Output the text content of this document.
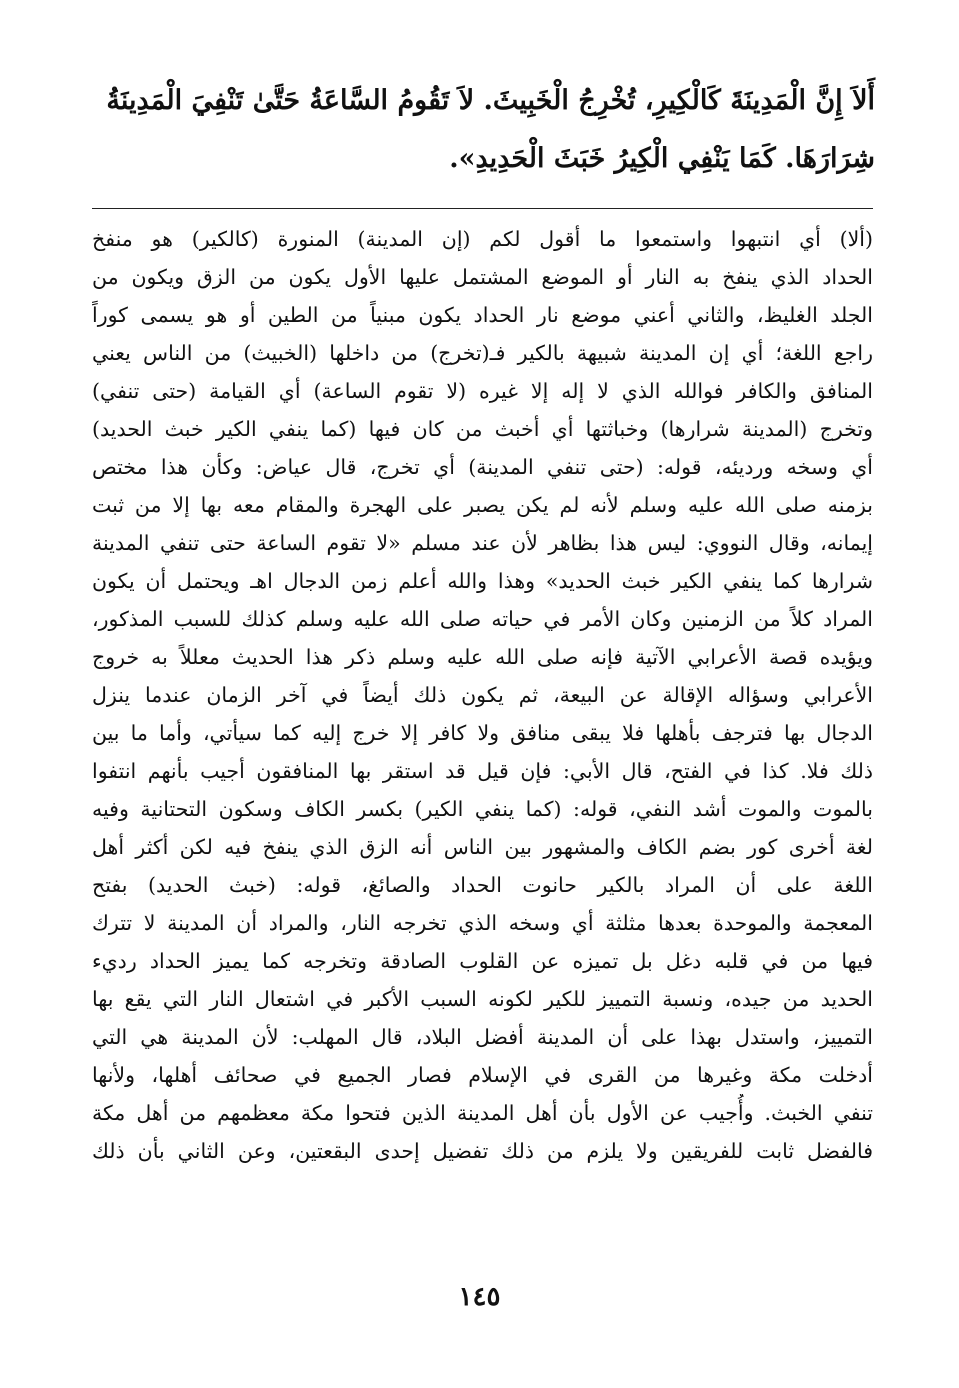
أَلاَ إِنَّ الْمَدِينَةَ كَالْكِيرِ، تُخْرِجُ الْخَبِيثَ. لاَ تَقُومُ السَّاعَةُ حَتَّىٰ تَنْفِيَ الْمَدِينَةُ
شِرَارَهَا. كَمَا يَنْفِي الْكِيرُ خَبَثَ الْحَدِيدِ».
(ألا) أي انتبهوا واستمعوا ما أقول لكم (إن المدينة) المنورة (كالكير) هو منفخ
الحداد الذي ينفخ به النار أو الموضع المشتمل عليها الأول يكون من الزق ويكون من
الجلد الغليظ، والثاني أعني موضع نار الحداد يكون مبنياً من الطين أو هو يسمى كوراً
راجع اللغة؛ أي إن المدينة شبيهة بالكير فـ(تخرج) من داخلها (الخبيث) من الناس يعني
المنافق والكافر فوالله الذي لا إله إلا غيره (لا تقوم الساعة) أي القيامة (حتى تنفي)
وتخرج (المدينة شرارها) وخباثتها أي أخبث من كان فيها (كما ينفي الكير خبث الحديد)
أي وسخه ورديئه، قوله: (حتى تنفي المدينة) أي تخرج، قال عياض: وكأن هذا مختص
بزمنه صلى الله عليه وسلم لأنه لم يكن يصبر على الهجرة والمقام معه بها إلا من ثبت
إيمانه، وقال النووي: ليس هذا بظاهر لأن عند مسلم «لا تقوم الساعة حتى تنفي المدينة
شرارها كما ينفي الكير خبث الحديد» وهذا والله أعلم زمن الدجال اهـ ويحتمل أن يكون
المراد كلاً من الزمنين وكان الأمر في حياته صلى الله عليه وسلم كذلك للسبب المذكور،
ويؤيده قصة الأعرابي الآتية فإنه صلى الله عليه وسلم ذكر هذا الحديث معللاً به خروج
الأعرابي وسؤاله الإقالة عن البيعة، ثم يكون ذلك أيضاً في آخر الزمان عندما ينزل
الدجال بها فترجف بأهلها فلا يبقى منافق ولا كافر إلا خرج إليه كما سيأتي، وأما ما بين
ذلك فلا. كذا في الفتح، قال الأبي: فإن قيل قد استقر بها المنافقون أجيب بأنهم انتفوا
بالموت والموت أشد النفي، قوله: (كما ينفي الكير) بكسر الكاف وسكون التحتانية وفيه
لغة أخرى كور بضم الكاف والمشهور بين الناس أنه الزق الذي ينفخ فيه لكن أكثر أهل
اللغة على أن المراد بالكير حانوت الحداد والصائغ، قوله: (خبث الحديد) بفتح
المعجمة والموحدة بعدها مثلثة أي وسخه الذي تخرجه النار، والمراد أن المدينة لا تترك
فيها من في قلبه دغل بل تميزه عن القلوب الصادقة وتخرجه كما يميز الحداد رديء
الحديد من جيده، ونسبة التمييز للكير لكونه السبب الأكبر في اشتعال النار التي يقع بها
التمييز، واستدل بهذا على أن المدينة أفضل البلاد، قال المهلب: لأن المدينة هي التي
أدخلت مكة وغيرها من القرى في الإسلام فصار الجميع في صحائف أهلها، ولأنها
تنفي الخبث. وأُجيب عن الأول بأن أهل المدينة الذين فتحوا مكة معظمهم من أهل مكة
فالفضل ثابت للفريقين ولا يلزم من ذلك تفضيل إحدى البقعتين، وعن الثاني بأن ذلك
١٤٥
